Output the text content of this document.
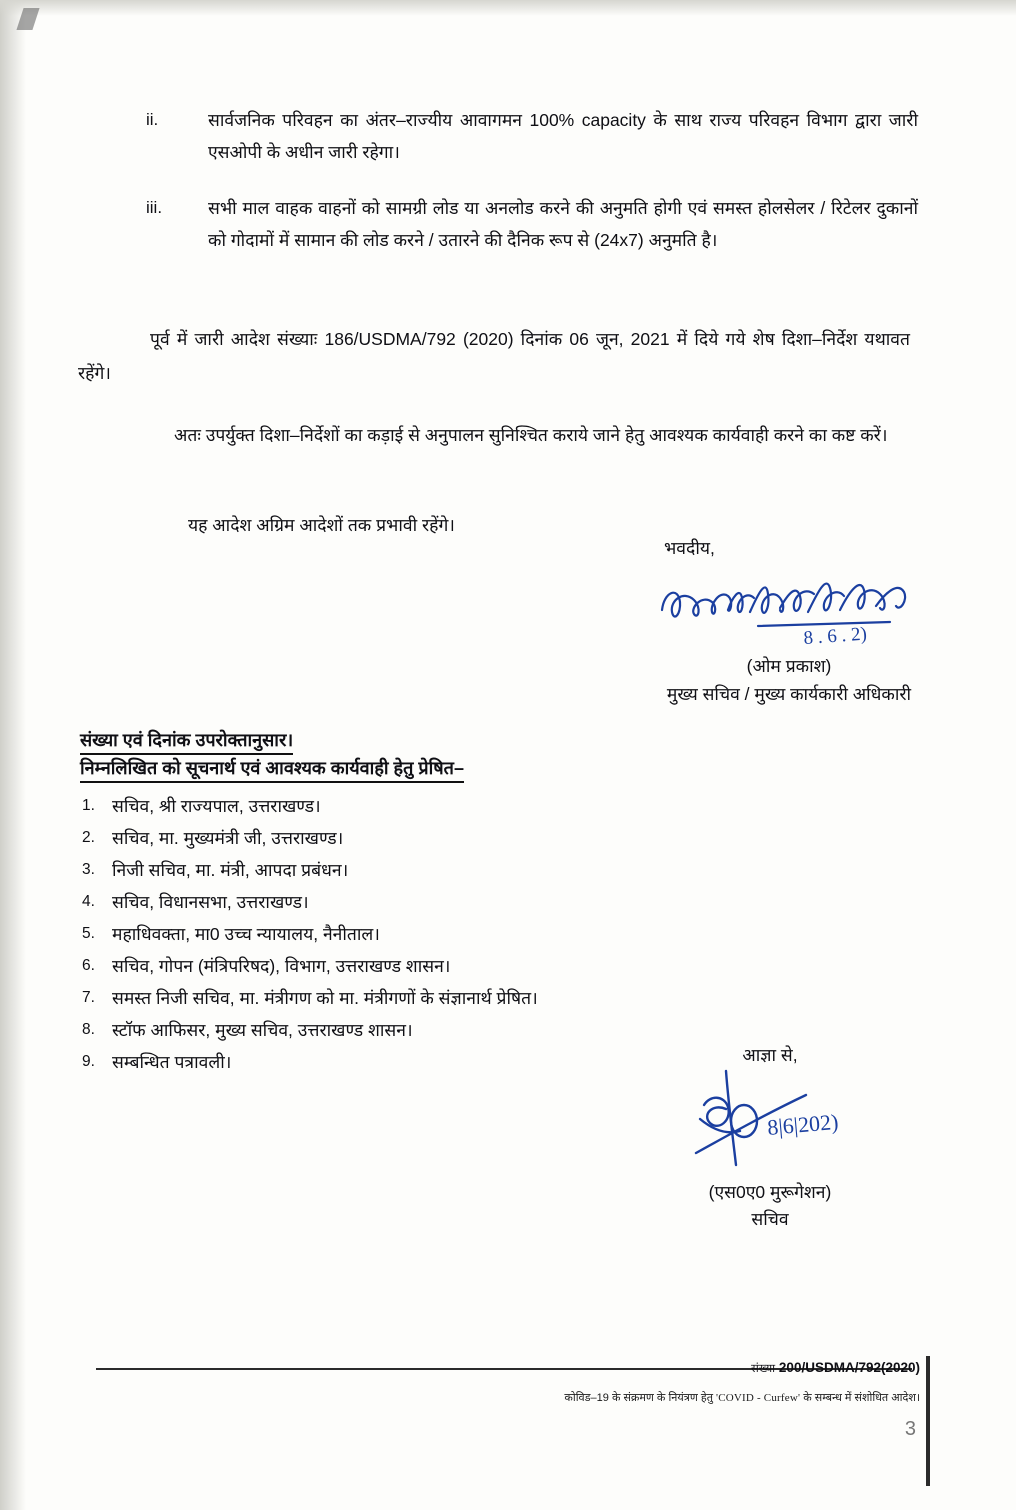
ii.	सार्वजनिक परिवहन का अंतर–राज्यीय आवागमन 100% capacity के साथ राज्य परिवहन विभाग द्वारा जारी एसओपी के अधीन जारी रहेगा।
iii.	सभी माल वाहक वाहनों को सामग्री लोड या अनलोड करने की अनुमति होगी एवं समस्त होलसेलर / रिटेलर दुकानों को गोदामों में सामान की लोड करने / उतारने की दैनिक रूप से (24x7) अनुमति है।
पूर्व में जारी आदेश संख्याः 186/USDMA/792 (2020) दिनांक 06 जून, 2021 में दिये गये शेष दिशा–निर्देश यथावत रहेंगे।
अतः उपर्युक्त दिशा–निर्देशों का कड़ाई से अनुपालन सुनिश्चित कराये जाने हेतु आवश्यक कार्यवाही करने का कष्ट करें।
यह आदेश अग्रिम आदेशों तक प्रभावी रहेंगे।
भवदीय,
8 . 6 . 2)
(ओम प्रकाश)
मुख्य सचिव / मुख्य कार्यकारी अधिकारी
संख्या एवं दिनांक उपरोक्तानुसार।
निम्नलिखित को सूचनार्थ एवं आवश्यक कार्यवाही हेतु प्रेषित–
1. सचिव, श्री राज्यपाल, उत्तराखण्ड।
2. सचिव, मा. मुख्यमंत्री जी, उत्तराखण्ड।
3. निजी सचिव, मा. मंत्री, आपदा प्रबंधन।
4. सचिव, विधानसभा, उत्तराखण्ड।
5. महाधिवक्ता, मा0 उच्च न्यायालय, नैनीताल।
6. सचिव, गोपन (मंत्रिपरिषद), विभाग, उत्तराखण्ड शासन।
7. समस्त निजी सचिव, मा. मंत्रीगण को मा. मंत्रीगणों के संज्ञानार्थ प्रेषित।
8. स्टॉफ आफिसर, मुख्य सचिव, उत्तराखण्ड शासन।
9. सम्बन्धित पत्रावली।	आज्ञा से,
8|6|202)
(एस0ए0 मुरूगेशन)
सचिव
संख्या 200/USDMA/792(2020)
कोविड–19 के संक्रमण के नियंत्रण हेतु 'COVID - Curfew' के सम्बन्ध में संशोधित आदेश।
3
